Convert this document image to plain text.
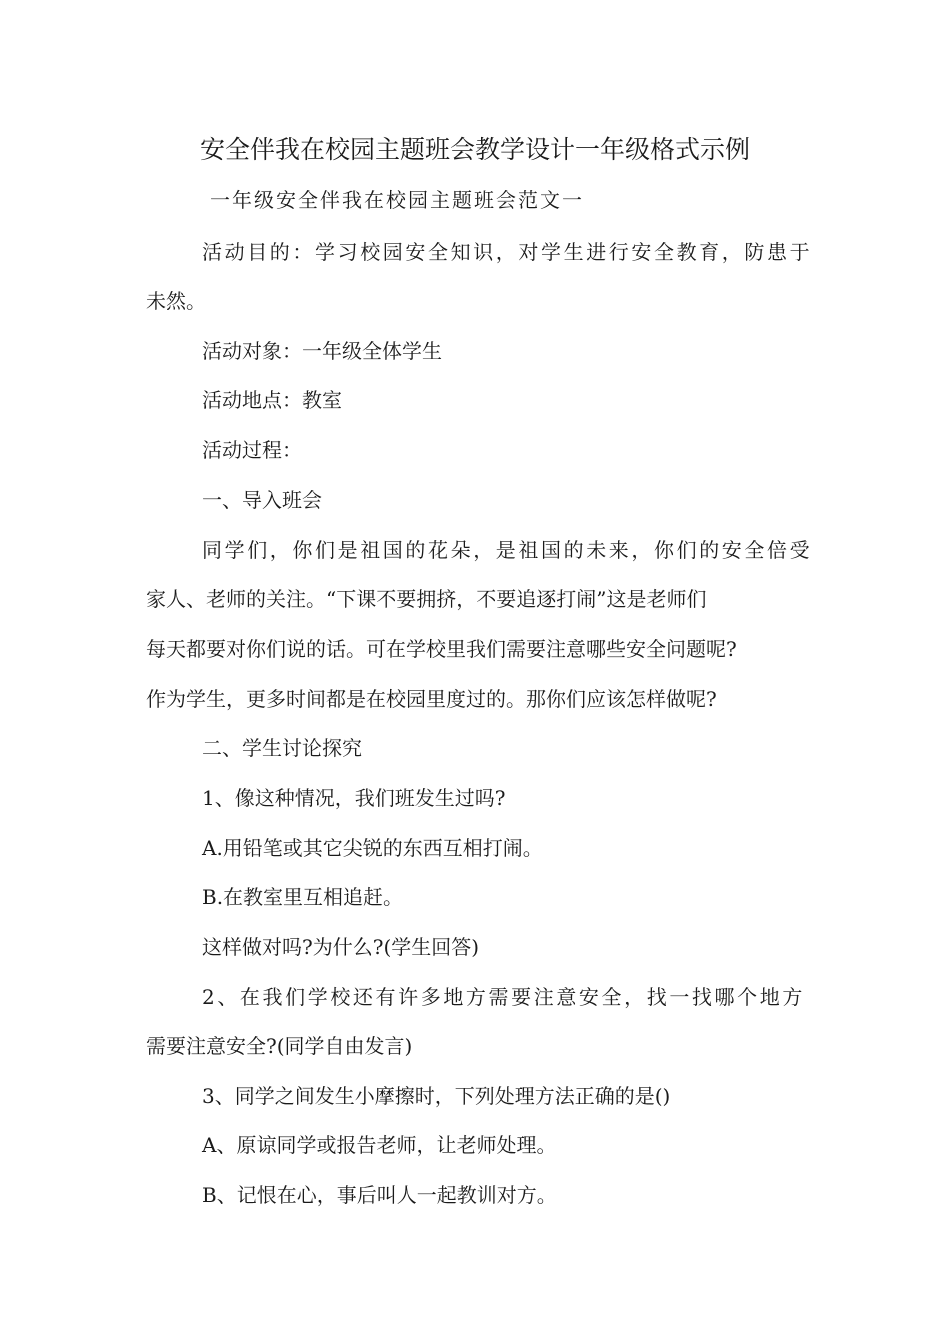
安全伴我在校园主题班会教学设计一年级格式示例
一年级安全伴我在校园主题班会范文一

活动目的：学习校园安全知识，对学生进行安全教育，防患于

未然。

活动对象：一年级全体学生

活动地点：教室

活动过程：

一、导入班会

同学们，你们是祖国的花朵，是祖国的未来，你们的安全倍受

家人、老师的关注。“下课不要拥挤，不要追逐打闹”这是老师们

每天都要对你们说的话。可在学校里我们需要注意哪些安全问题呢?

作为学生，更多时间都是在校园里度过的。那你们应该怎样做呢?

二、学生讨论探究

1、像这种情况，我们班发生过吗?

A.用铅笔或其它尖锐的东西互相打闹。

B.在教室里互相追赶。

这样做对吗?为什么?(学生回答)

2、在我们学校还有许多地方需要注意安全，找一找哪个地方

需要注意安全?(同学自由发言)

3、同学之间发生小摩擦时，下列处理方法正确的是()

A、原谅同学或报告老师，让老师处理。

B、记恨在心，事后叫人一起教训对方。
